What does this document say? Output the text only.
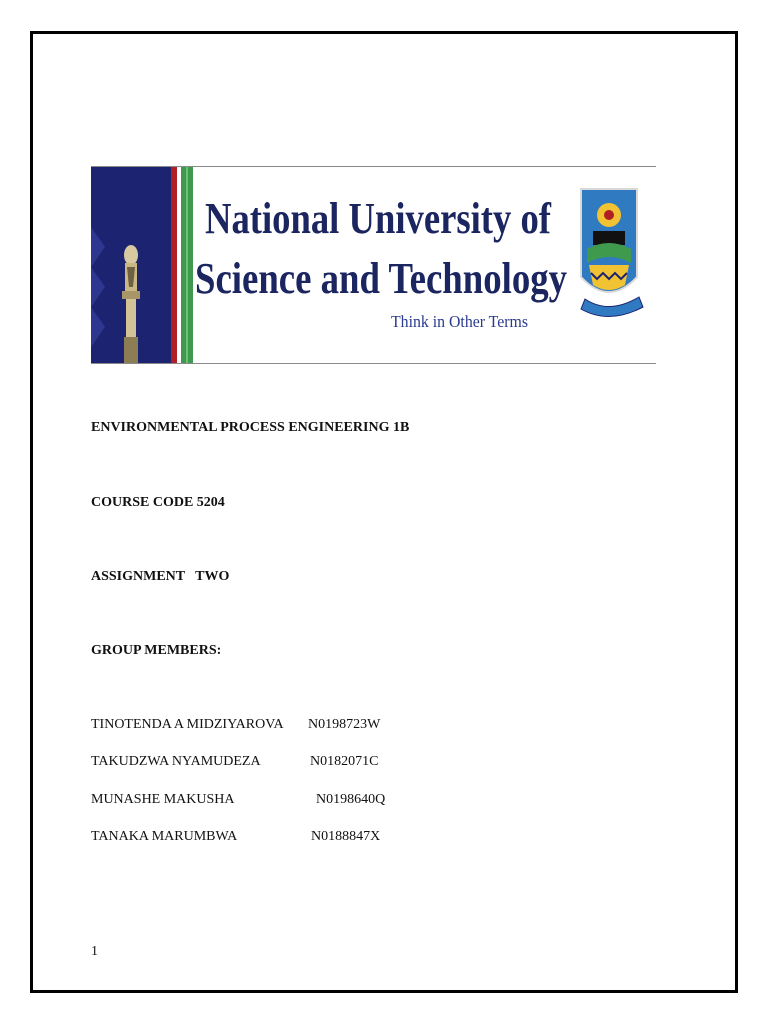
National University of
Science and Technology
Think in Other Terms
ENVIRONMENTAL PROCESS ENGINEERING 1B
COURSE CODE 5204
ASSIGNMENT   TWO
GROUP MEMBERS:
TINOTENDA A MIDZIYAROVA N0198723W
TAKUDZWA NYAMUDEZA	N0182071C
MUNASHE MAKUSHA	N0198640Q
TANAKA MARUMBWA	N0188847X
1
